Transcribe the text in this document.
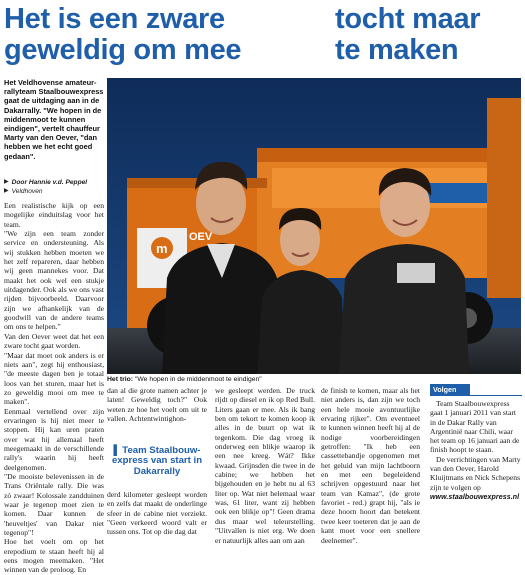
Het is een zware
geweldig om mee
tocht maar
te maken
Het Veldhovense amateurrallyteam Staalbouwexpress gaat de uitdaging aan in de Dakarrally. "We hopen in de middenmoot te kunnen eindigen", vertelt chauffeur Marty van den Oever, "dan hebben we het echt goed gedaan".
▶ Door Hannie v.d. Peppel
▶ Veldhoven

Een realistische kijk op een mogelijke einduitslag voor het team.

"We zijn een team zonder service en ondersteuning. Als wij stukken hebben moeten we het zelf repareren, daar hebben wij geen mannekes voor. Dat maakt het ook wel een stukje uitdagender. Ook als we ons vast rijden bijvoorbeeld. Daarvoor zijn we afhankelijk van de goodwill van de andere teams om ons te helpen."

Van den Oever weet dat het een zware tocht gaat worden.

"Maar dat moet ook anders is er niets aan", zegt hij enthousiast, "de meeste dagen ben je totaal loos van het sturen, maar het is zo geweldig mooi om mee te maken".

Eenmaal vertellend over zijn ervaringen is hij niet meer te stoppen. Hij kan uren praten over wat hij allemaal heeft meegemaakt in de verschillende rally's waarin hij heeft deelgenomen.

"De mooiste belevenissen in de Trans Oriëntale rally. Die was zó zwaar! Kolossale zandduinen waar je tegenop moet zien te komen. Daar kunnen de 'heuveltjes' van Dakar niet tegenop"!

Hoe het voelt om op het erepodium te staan heeft hij al eens mogen meemaken. "Het winnen van de proloog. En

m
OEV
Het trio: "We hopen in de middenmoot te eindigen"
dan al die grote namen achter je laten! Geweldig toch?" Ook weten ze hoe het voelt om uit te vallen. Achtentwintighon-
▌ Team Staalbouwexpress van start in Dakarrally
derd kilometer gesleept worden en zelfs dat maakt de onderlinge sfeer in de cabine niet verziekt. "Geen verkeerd woord valt er tussen ons. Tot op die dag dat
we gesleept werden. De truck rijdt op diesel en ik op Red Bull. Liters gaan er mee. Als ik bang ben om tekort te komen koop ik alles in de buurt op wat ik tegenkom. Die dag vroeg ik onderweg een blikje waarop ik een nee kreeg. Wát? Ikke kwaad. Grijnsden die twee in de cabine; we hebben het bijgehouden en je hebt nu al 63 liter op. Wat niet helemaal waar was, 61 liter, want zij hebben ook een blikje op"! Geen drama dus maar wel teleurstelling. "Uitvallen is niet erg. We doen er natuurlijk alles aan om aan
de finish te komen, maar als het niet anders is, dan zijn we toch een hele mooie avontuurlijke ervaring rijker". Om eventueel te kunnen winnen heeft hij al de nodige voorbereidingen getroffen: "Ik heb een cassettebandje opgenomen met het geluid van mijn lachtboorn en met een begeleidend schrijven opgestuurd naar het team van Kamaz", (de grote favoriet - red.) grapt hij, "als ie deze hoorn hoort dan betekent twee keer toeteren dat je aan de kant moet voor een snellere deelnemer".
Volgen

Team Staalbouwexpress gaat 1 januari 2011 van start in de Dakar Rally van Argentinië naar Chili, waar het team op 16 januari aan de finish hoopt te staan.

De verrichtingen van Marty van den Oever, Harold Kluijtmans en Nick Schepens zijn te volgen op

www.staalbouwexpress.nl
